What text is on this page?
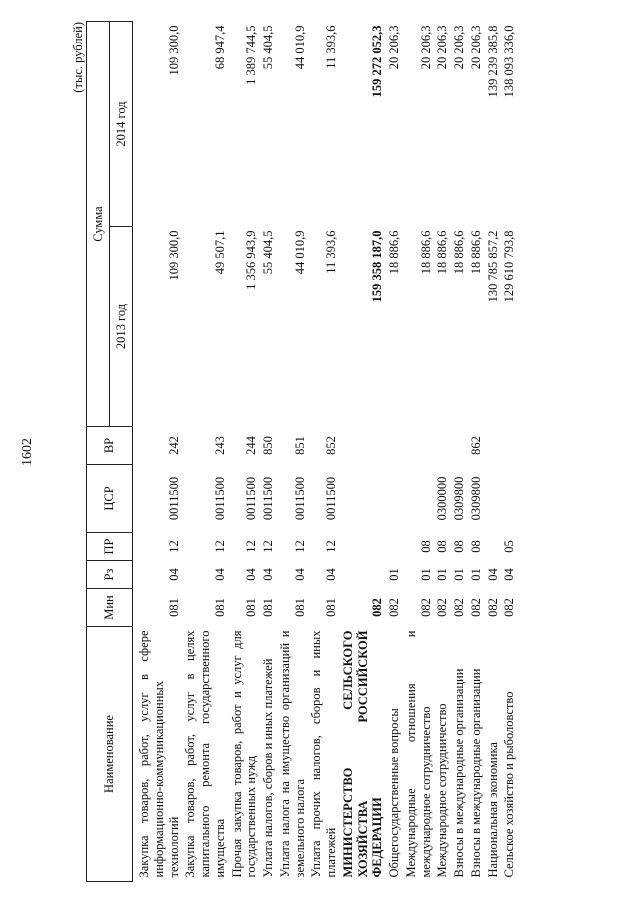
1602
(тыс. рублей)
Наименование	Мин	Рз	ПР	ЦСР	ВР	Сумма	
						2013 год	2014 год
Закупка товаров, работ, услуг в сфере информационно-коммуникационных технологий	081	04	12	0011500	242	109 300,0	109 300,0
Закупка товаров, работ, услуг в целях капитального ремонта государственного имущества	081	04	12	0011500	243	49 507,1	68 947,4
Прочая закупка товаров, работ и услуг для государственных нужд	081	04	12	0011500	244	1 356 943,9	1 389 744,5
Уплата налогов, сборов и иных платежей	081	04	12	0011500	850	55 404,5	55 404,5
Уплата налога на имущество организаций и земельного налога	081	04	12	0011500	851	44 010,9	44 010,9
Уплата прочих налогов, сборов и иных платежей	081	04	12	0011500	852	11 393,6	11 393,6
МИНИСТЕРСТВО СЕЛЬСКОГО ХОЗЯЙСТВА РОССИЙСКОЙ ФЕДЕРАЦИИ	082					159 358 187,0	159 272 052,3
Общегосударственные вопросы	082	01				18 886,6	20 206,3
Международные отношения и международное сотрудничество	082	01	08			18 886,6	20 206,3
Международное сотрудничество	082	01	08	0300000		18 886,6	20 206,3
Взносы в международные организации	082	01	08	0309800		18 886,6	20 206,3
Взносы в международные организации	082	01	08	0309800	862	18 886,6	20 206,3
Национальная экономика	082	04				130 785 857,2	139 239 385,8
Сельское хозяйство и рыболовство	082	04	05			129 610 793,8	138 093 336,0
